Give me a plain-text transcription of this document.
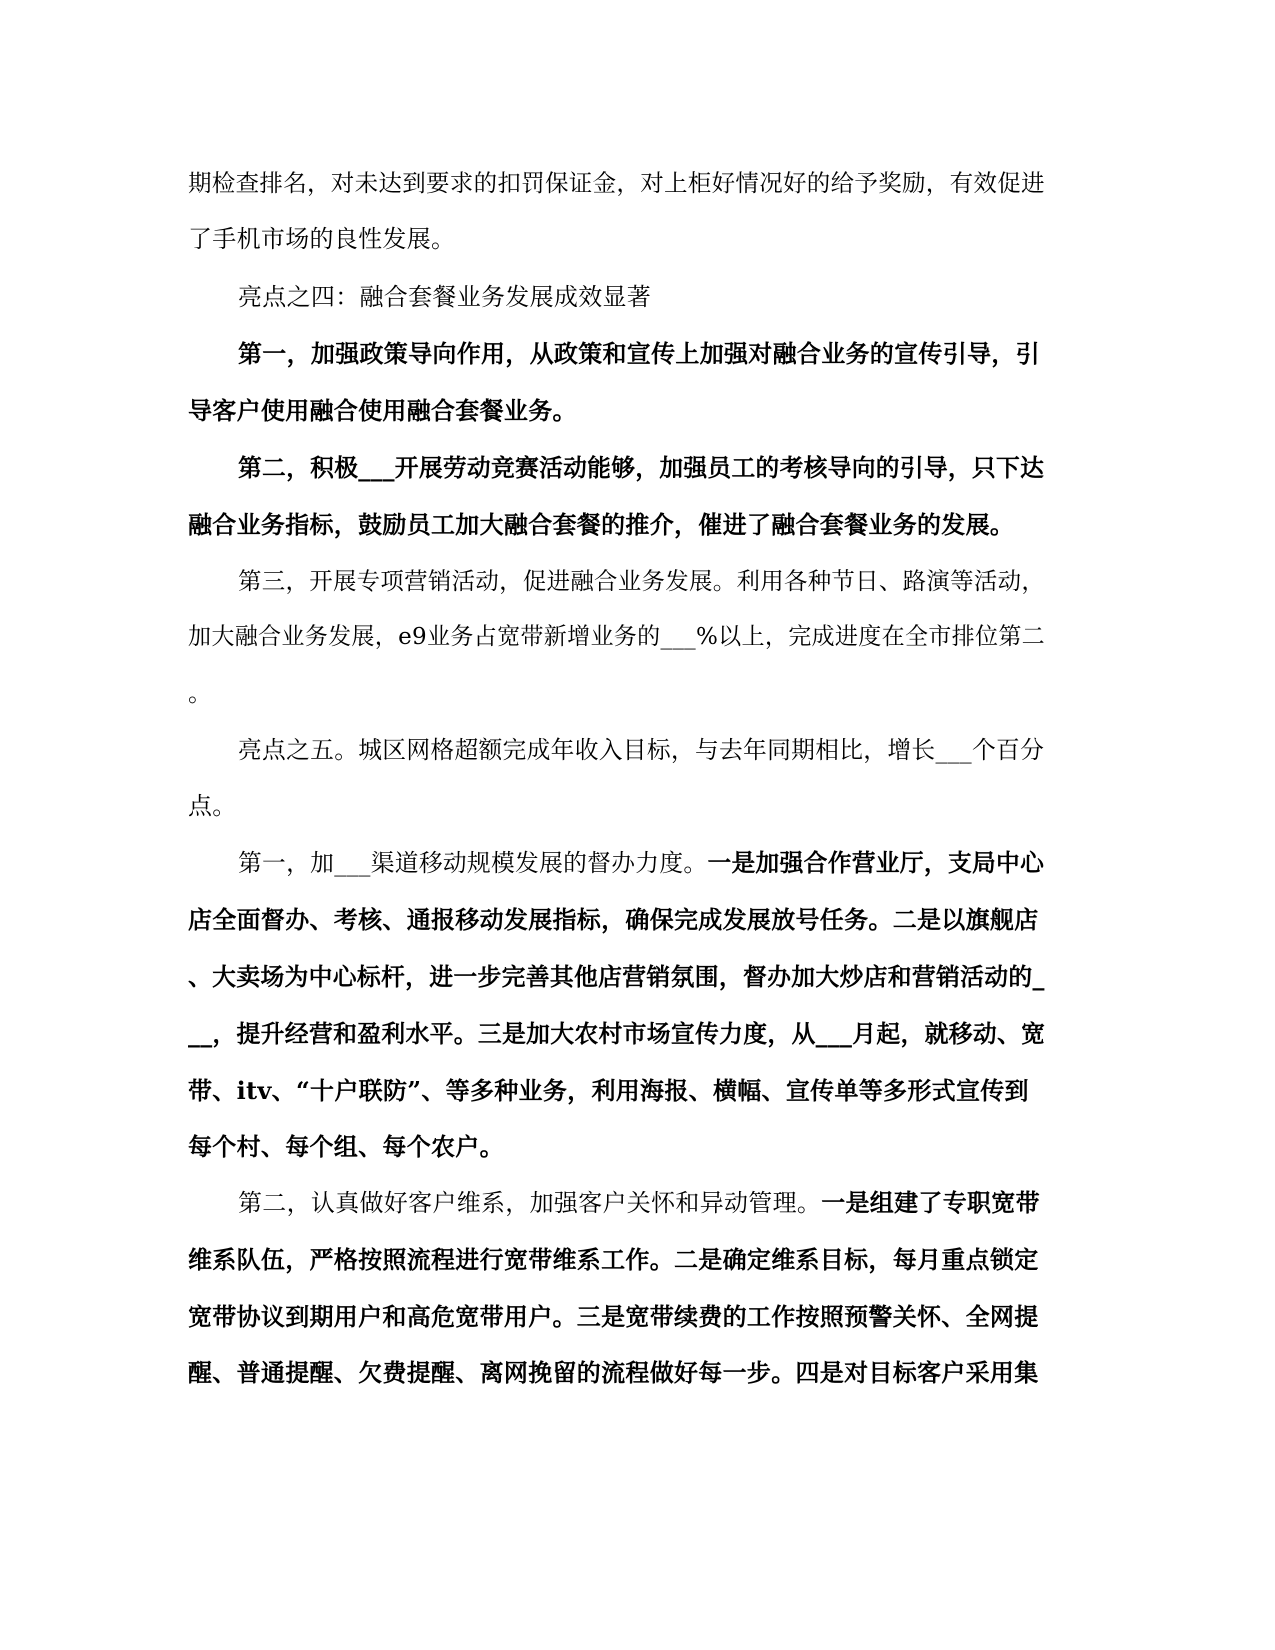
期检查排名，对未达到要求的扣罚保证金，对上柜好情况好的给予奖励，有效促进
了手机市场的良性发展。
亮点之四：融合套餐业务发展成效显著
第一，加强政策导向作用，从政策和宣传上加强对融合业务的宣传引导，引
导客户使用融合使用融合套餐业务。
第二，积极___开展劳动竞赛活动能够，加强员工的考核导向的引导，只下达
融合业务指标，鼓励员工加大融合套餐的推介，催进了融合套餐业务的发展。
第三，开展专项营销活动，促进融合业务发展。利用各种节日、路演等活动，
加大融合业务发展，e9业务占宽带新增业务的___%以上，完成进度在全市排位第二
。
亮点之五。城区网格超额完成年收入目标，与去年同期相比，增长___个百分
点。
第一，加___渠道移动规模发展的督办力度。一是加强合作营业厅，支局中心
店全面督办、考核、通报移动发展指标，确保完成发展放号任务。二是以旗舰店
、大卖场为中心标杆，进一步完善其他店营销氛围，督办加大炒店和营销活动的_
__，提升经营和盈利水平。三是加大农村市场宣传力度，从___月起，就移动、宽
带、itv、“十户联防”、等多种业务，利用海报、横幅、宣传单等多形式宣传到
每个村、每个组、每个农户。
第二，认真做好客户维系，加强客户关怀和异动管理。一是组建了专职宽带
维系队伍，严格按照流程进行宽带维系工作。二是确定维系目标，每月重点锁定
宽带协议到期用户和高危宽带用户。三是宽带续费的工作按照预警关怀、全网提
醒、普通提醒、欠费提醒、离网挽留的流程做好每一步。四是对目标客户采用集
